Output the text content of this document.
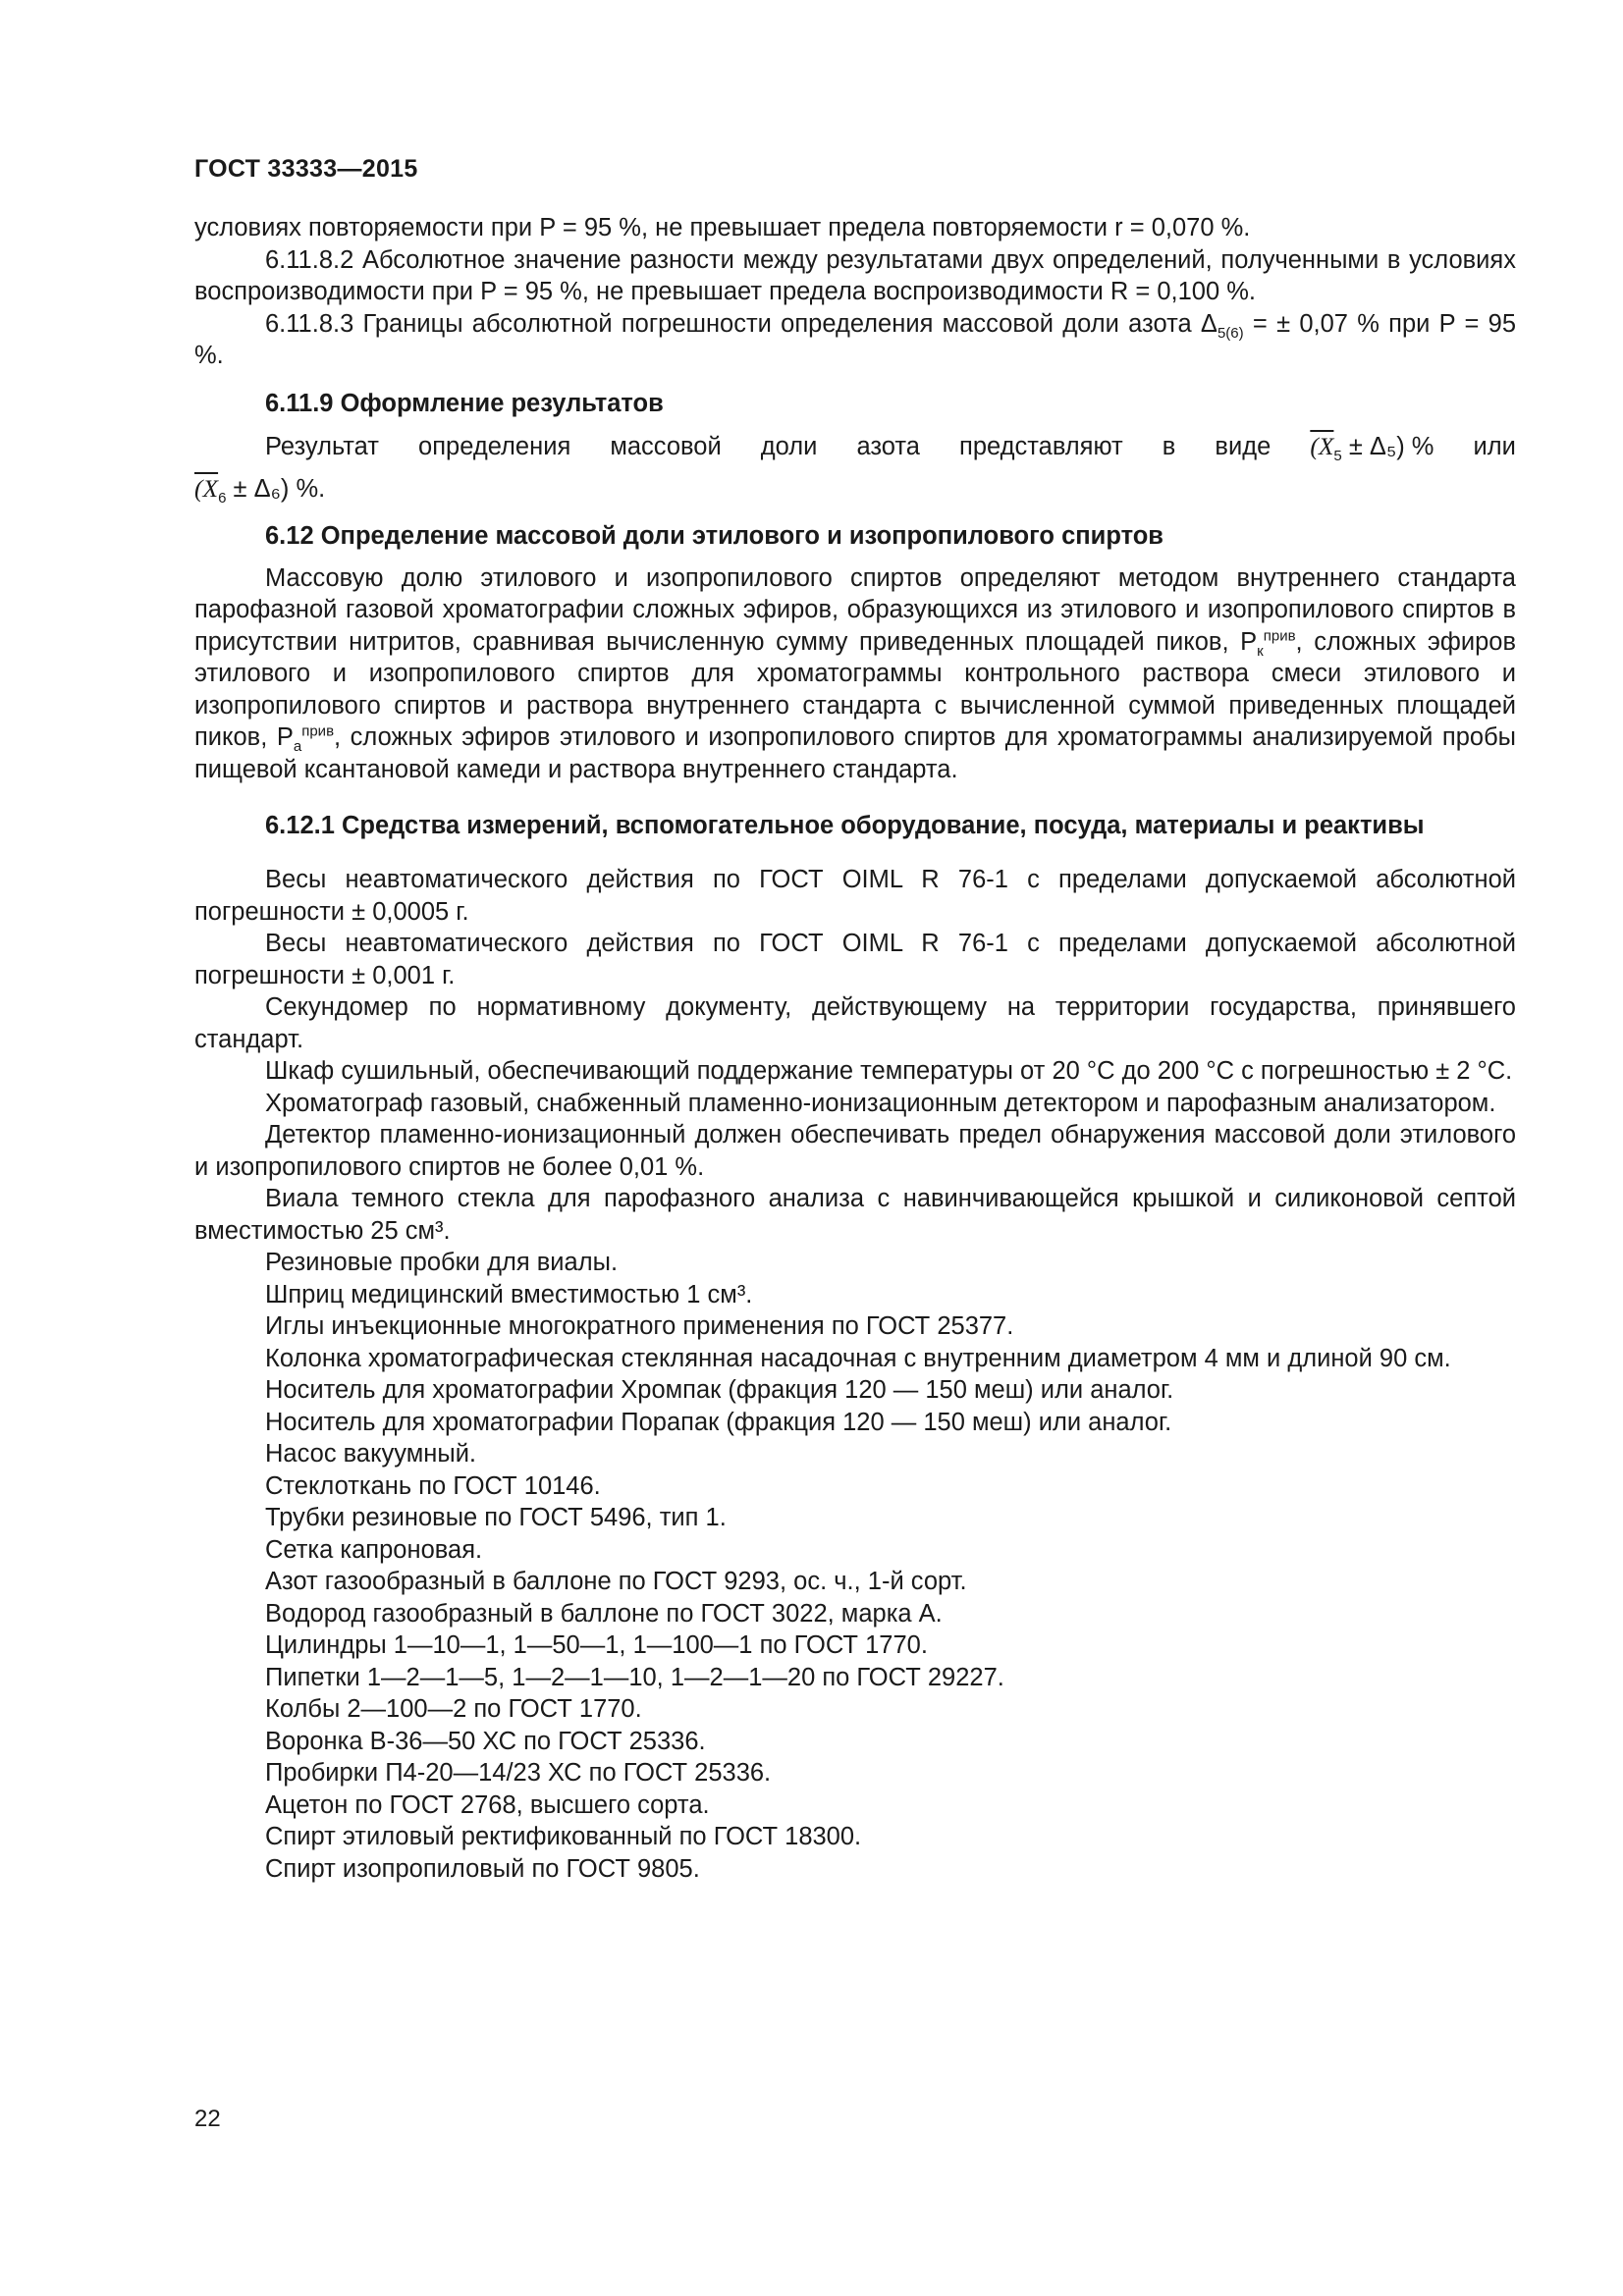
ГОСТ 33333—2015

условиях повторяемости при P = 95 %, не превышает предела повторяемости r = 0,070 %.

6.11.8.2 Абсолютное значение разности между результатами двух определений, полученными в условиях воспроизводимости при P = 95 %, не превышает предела воспроизводимости R = 0,100 %.

6.11.8.3 Границы абсолютной погрешности определения массовой доли азота $\Delta_{5(6)}$ = ± 0,07 % при P = 95 %.

6.11.9 Оформление результатов

Результат определения массовой доли азота представляют в виде $(X_5 \pm \Delta_5)$ % или

$(X_6 \pm \Delta_6)$ %.

6.12 Определение массовой доли этилового и изопропилового спиртов

Массовую долю этилового и изопропилового спиртов определяют методом внутреннего стандарта парофазной газовой хроматографии сложных эфиров, образующихся из этилового и изопропилового спиртов в присутствии нитритов, сравнивая вычисленную сумму приведенных площадей пиков, $P_к^{прив}$, сложных эфиров этилового и изопропилового спиртов для хроматограммы контрольного раствора смеси этилового и изопропилового спиртов и раствора внутреннего стандарта с вычисленной суммой приведенных площадей пиков, $P_а^{прив}$, сложных эфиров этилового и изопропилового спиртов для хроматограммы анализируемой пробы пищевой ксантановой камеди и раствора внутреннего стандарта.

6.12.1 Средства измерений, вспомогательное оборудование, посуда, материалы и реактивы

Весы неавтоматического действия по ГОСТ OIML R 76-1 с пределами допускаемой абсолютной погрешности ± 0,0005 г.

Весы неавтоматического действия по ГОСТ OIML R 76-1 с пределами допускаемой абсолютной погрешности ± 0,001 г.

Секундомер по нормативному документу, действующему на территории государства, принявшего стандарт.

Шкаф сушильный, обеспечивающий поддержание температуры от 20 °С до 200 °С с погрешностью ± 2 °С.

Хроматограф газовый, снабженный пламенно-ионизационным детектором и парофазным анализатором.

Детектор пламенно-ионизационный должен обеспечивать предел обнаружения массовой доли этилового и изопропилового спиртов не более 0,01 %.

Виала темного стекла для парофазного анализа с навинчивающейся крышкой и силиконовой септой вместимостью 25 см³.

Резиновые пробки для виалы.

Шприц медицинский вместимостью 1 см³.

Иглы инъекционные многократного применения по ГОСТ 25377.

Колонка хроматографическая стеклянная насадочная с внутренним диаметром 4 мм и длиной 90 см.

Носитель для хроматографии Хромпак (фракция 120 — 150 меш) или аналог.

Носитель для хроматографии Порапак (фракция 120 — 150 меш) или аналог.

Насос вакуумный.

Стеклоткань по ГОСТ 10146.

Трубки резиновые по ГОСТ 5496, тип 1.

Сетка капроновая.

Азот газообразный в баллоне по ГОСТ 9293, ос. ч., 1-й сорт.

Водород газообразный в баллоне по ГОСТ 3022, марка А.

Цилиндры 1—10—1, 1—50—1, 1—100—1 по ГОСТ 1770.

Пипетки 1—2—1—5, 1—2—1—10, 1—2—1—20 по ГОСТ 29227.

Колбы 2—100—2 по ГОСТ 1770.

Воронка В-36—50 ХС по ГОСТ 25336.

Пробирки П4-20—14/23 ХС по ГОСТ 25336.

Ацетон по ГОСТ 2768, высшего сорта.

Спирт этиловый ректификованный по ГОСТ 18300.

Спирт изопропиловый по ГОСТ 9805.

22
